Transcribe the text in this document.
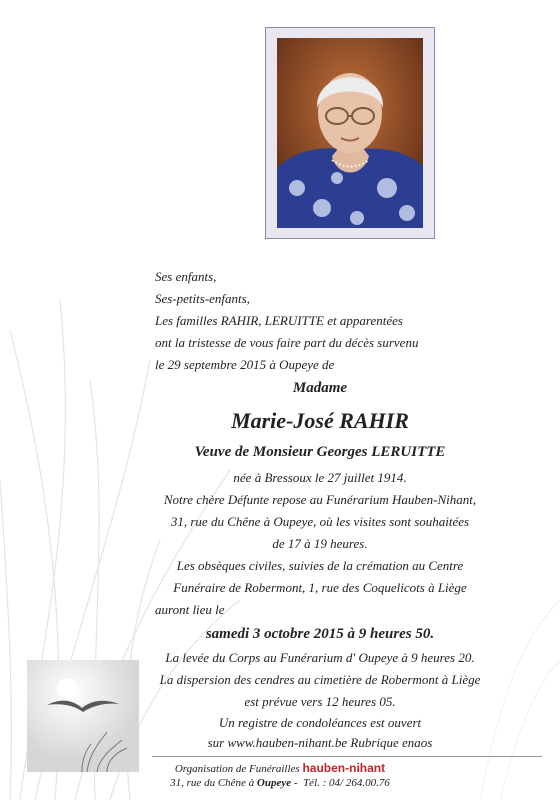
Ses enfants,
Ses-petits-enfants,
Les familles RAHIR, LERUITTE et apparentées
ont la tristesse de vous faire part du décès survenu
le 29 septembre 2015 à Oupeye de
Madame
Marie-José RAHIR
Veuve de Monsieur Georges LERUITTE
née à Bressoux le 27 juillet 1914.
Notre chère Défunte repose au Funérarium Hauben-Nihant,
31, rue du Chêne à Oupeye, où les visites sont souhaitées
de 17 à 19 heures.
Les obsèques civiles, suivies de la crémation au Centre
Funéraire de Robermont, 1, rue des Coquelicots à Liège
auront lieu le
samedi 3 octobre 2015 à 9 heures 50.
La levée du Corps au Funérarium d' Oupeye à 9 heures 20.
La dispersion des cendres au cimetière de Robermont à Liège
est prévue vers 12 heures 05.
Un registre de condoléances est ouvert
sur www.hauben-nihant.be Rubrique enaos
Organisation de Funérailles hauben-nihant
31, rue du Chêne à Oupeye -  Tél. : 04/ 264.00.76
